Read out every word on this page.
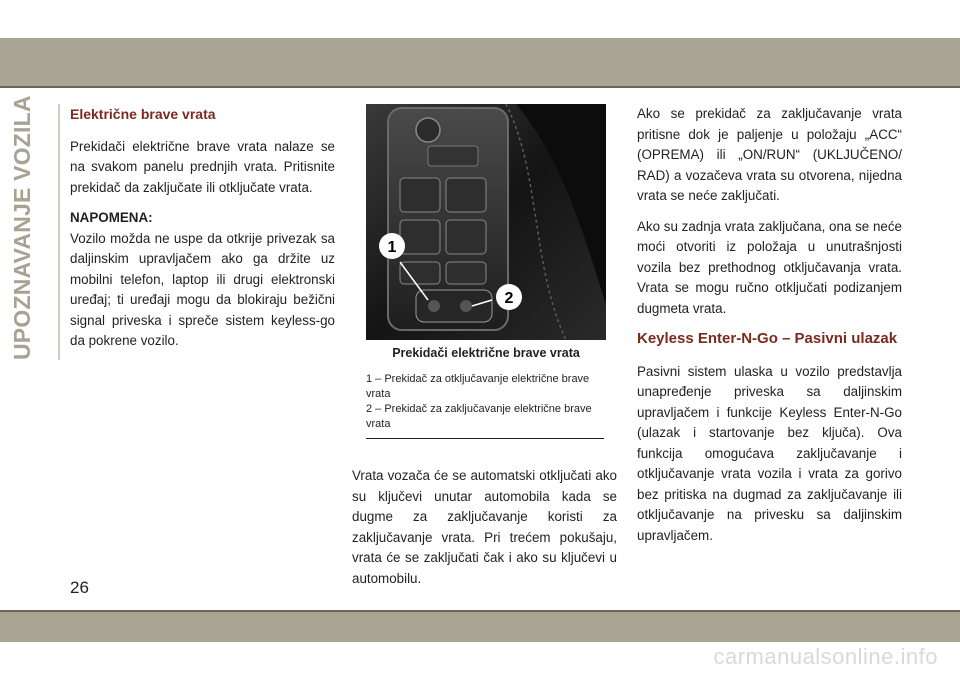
UPOZNAVANJE VOZILA	Električne brave vrata

Prekidači električne brave vrata nalaze se na svakom panelu prednjih vrata. Pritisnite prekidač da zaključate ili otključate vrata.

NAPOMENA:

Vozilo možda ne uspe da otkrije privezak sa daljinskim upravljačem ako ga držite uz mobilni telefon, laptop ili drugi elektronski uređaj; ti uređaji mogu da blokiraju bežični signal priveska i spreče sistem keyless-go da pokrene vozilo.

1
2
Prekidači električne brave vrata
1 – Prekidač za otključavanje električne brave vrata
2 – Prekidač za zaključavanje električne brave vrata

Vrata vozača će se automatski otključati ako su ključevi unutar automobila kada se dugme za zaključavanje koristi za zaključavanje vrata. Pri trećem pokušaju, vrata će se zaključati čak i ako su ključevi u automobilu.

Ako se prekidač za zaključavanje vrata pritisne dok je paljenje u položaju „ACC“ (OPREMA) ili „ON/RUN“ (UKLJUČENO/ RAD) a vozačeva vrata su otvorena, nijedna vrata se neće zaključati.

Ako su zadnja vrata zaključana, ona se neće moći otvoriti iz položaja u unutrašnjosti vozila bez prethodnog otključavanja vrata. Vrata se mogu ručno otključati podizanjem dugmeta vrata.

Keyless Enter-N-Go – Pasivni ulazak

Pasivni sistem ulaska u vozilo predstavlja unapređenje priveska sa daljinskim upravljačem i funkcije Keyless Enter-N-Go (ulazak i startovanje bez ključa). Ova funkcija omogućava zaključavanje i otključavanje vrata vozila i vrata za gorivo bez pritiska na dugmad za zaključavanje ili otključavanje na privesku sa daljinskim upravljačem.

26
carmanualsonline.info
